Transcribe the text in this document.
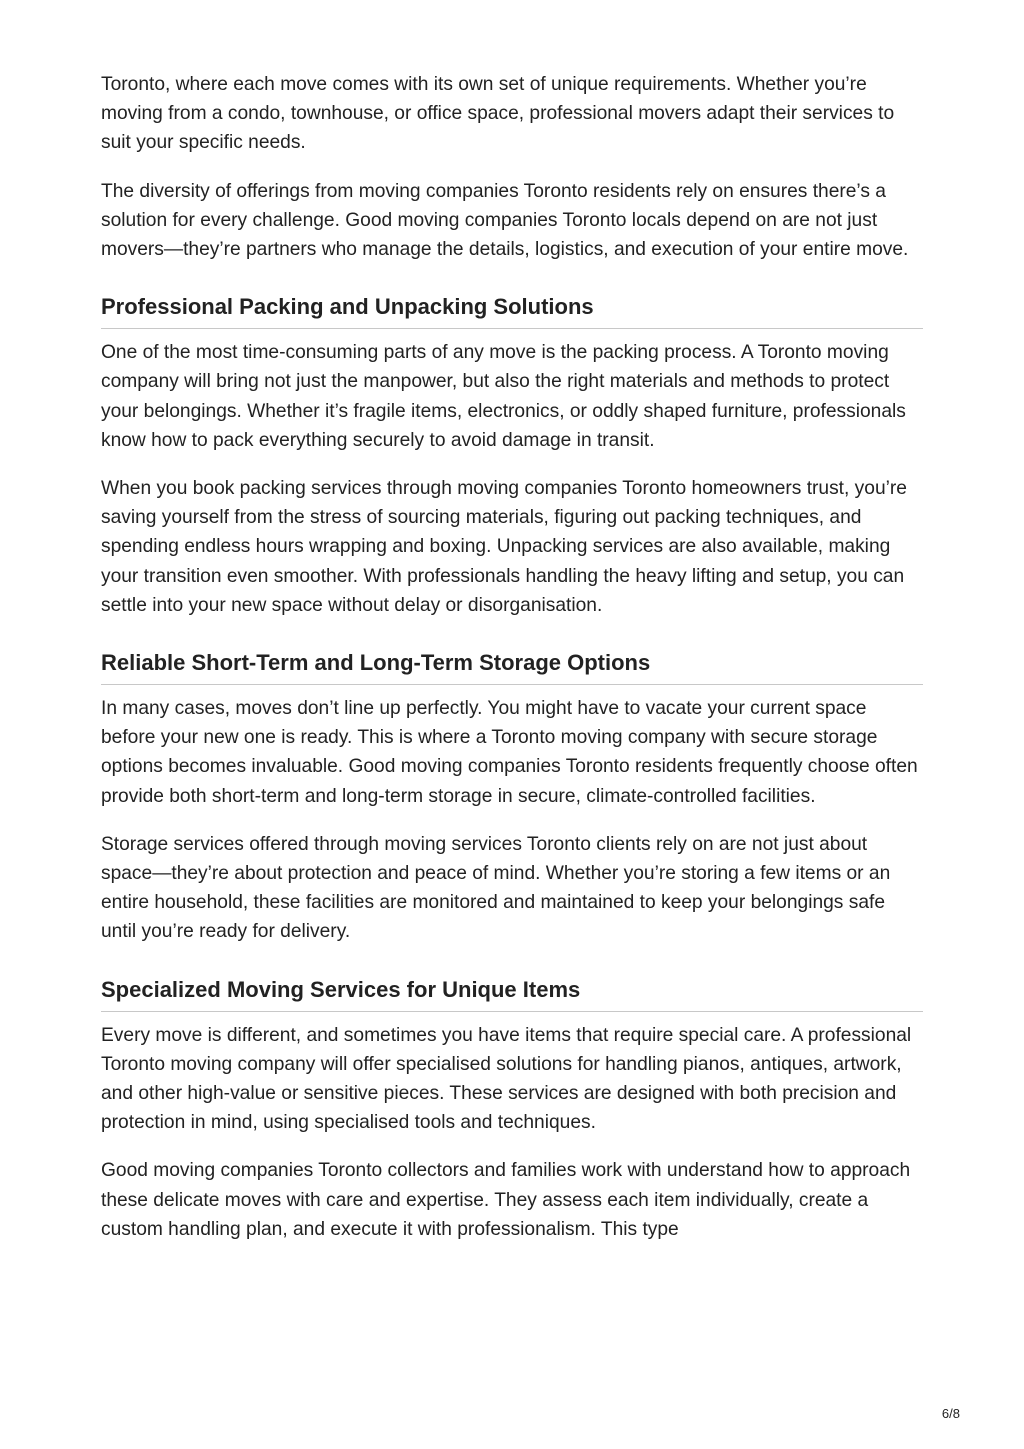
Toronto, where each move comes with its own set of unique requirements. Whether you’re moving from a condo, townhouse, or office space, professional movers adapt their services to suit your specific needs.

The diversity of offerings from moving companies Toronto residents rely on ensures there’s a solution for every challenge. Good moving companies Toronto locals depend on are not just movers—they’re partners who manage the details, logistics, and execution of your entire move.

Professional Packing and Unpacking Solutions

One of the most time-consuming parts of any move is the packing process. A Toronto moving company will bring not just the manpower, but also the right materials and methods to protect your belongings. Whether it’s fragile items, electronics, or oddly shaped furniture, professionals know how to pack everything securely to avoid damage in transit.

When you book packing services through moving companies Toronto homeowners trust, you’re saving yourself from the stress of sourcing materials, figuring out packing techniques, and spending endless hours wrapping and boxing. Unpacking services are also available, making your transition even smoother. With professionals handling the heavy lifting and setup, you can settle into your new space without delay or disorganisation.

Reliable Short-Term and Long-Term Storage Options

In many cases, moves don’t line up perfectly. You might have to vacate your current space before your new one is ready. This is where a Toronto moving company with secure storage options becomes invaluable. Good moving companies Toronto residents frequently choose often provide both short-term and long-term storage in secure, climate-controlled facilities.

Storage services offered through moving services Toronto clients rely on are not just about space—they’re about protection and peace of mind. Whether you’re storing a few items or an entire household, these facilities are monitored and maintained to keep your belongings safe until you’re ready for delivery.

Specialized Moving Services for Unique Items

Every move is different, and sometimes you have items that require special care. A professional Toronto moving company will offer specialised solutions for handling pianos, antiques, artwork, and other high-value or sensitive pieces. These services are designed with both precision and protection in mind, using specialised tools and techniques.

Good moving companies Toronto collectors and families work with understand how to approach these delicate moves with care and expertise. They assess each item individually, create a custom handling plan, and execute it with professionalism. This type

6/8
